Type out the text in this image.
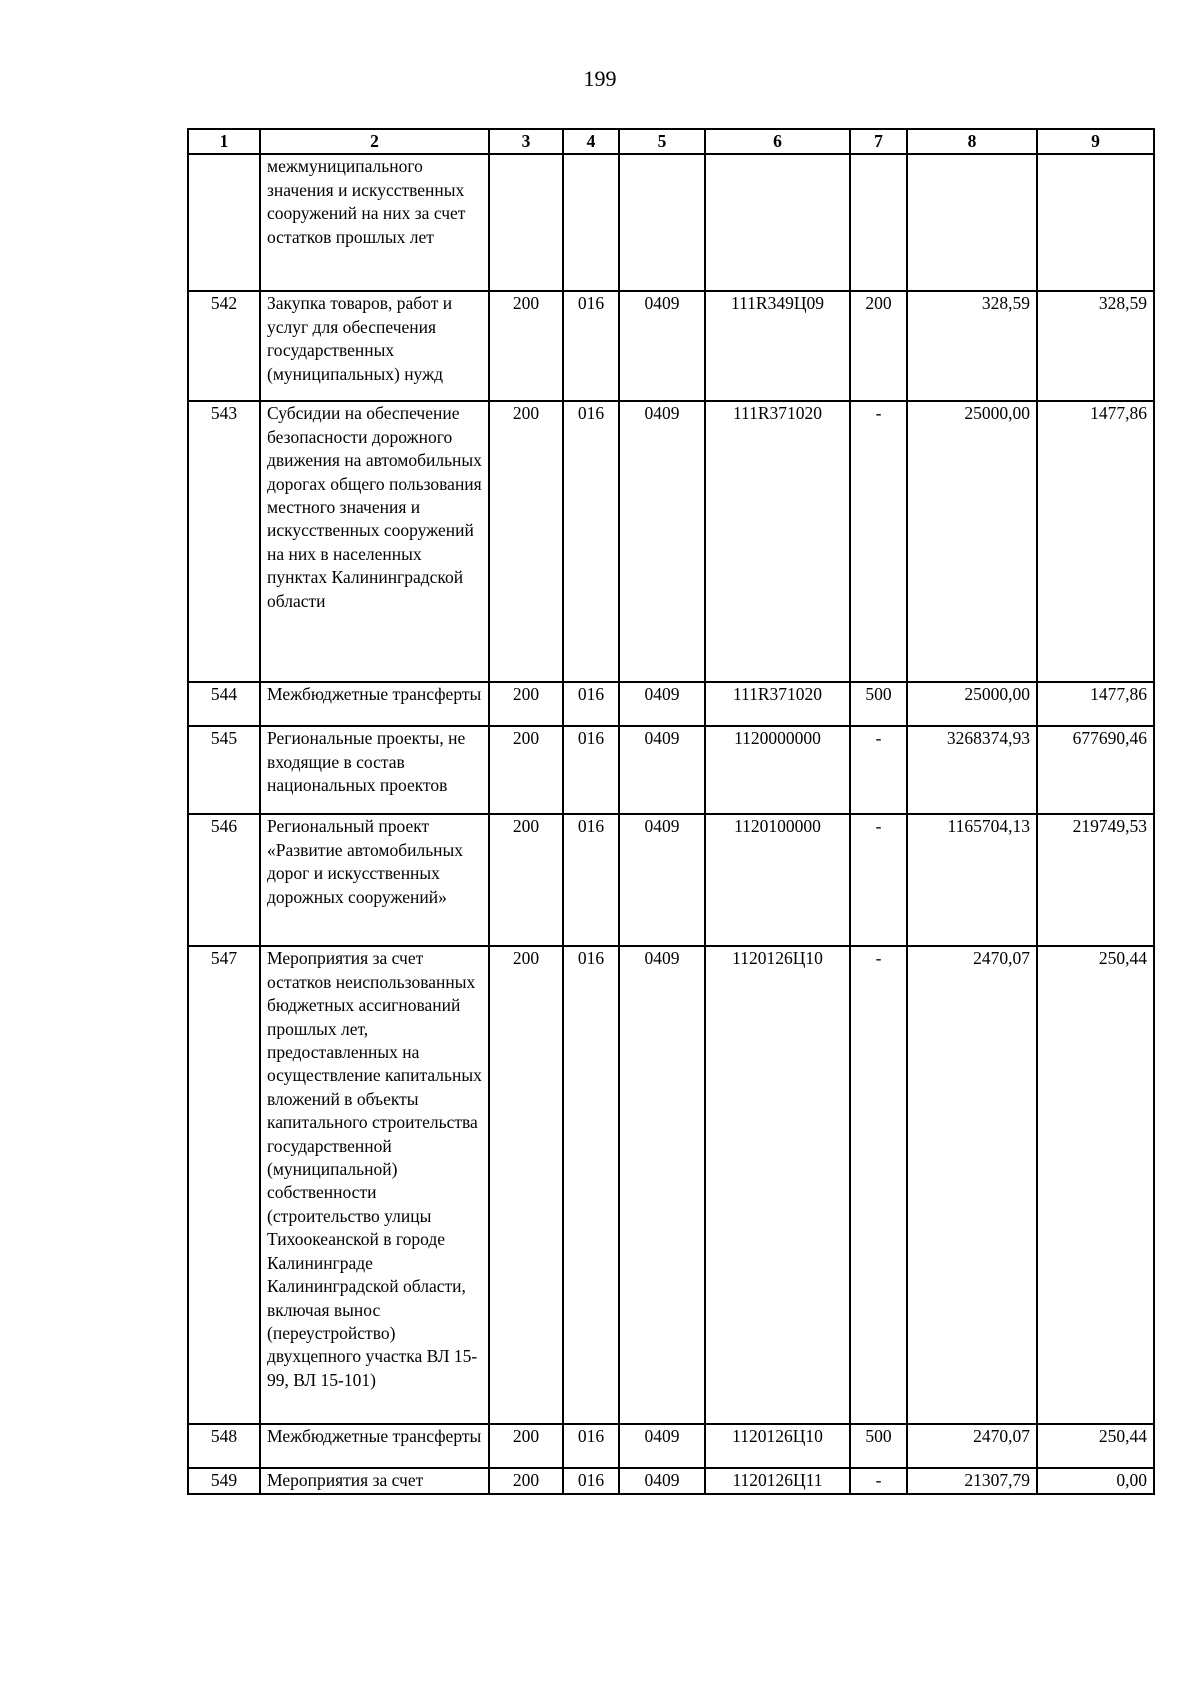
199
1	2	3	4	5	6	7	8	9
	межмуниципального значения и искусственных сооружений на них за счет остатков прошлых лет							
542	Закупка товаров, работ и услуг для обеспечения государственных (муниципальных) нужд	200	016	0409	111R349Ц09	200	328,59	328,59
543	Субсидии на обеспечение безопасности дорожного движения на автомобильных дорогах общего пользования местного значения и искусственных сооружений на них в населенных пунктах Калининградской области	200	016	0409	111R371020	-	25000,00	1477,86
544	Межбюджетные трансферты	200	016	0409	111R371020	500	25000,00	1477,86
545	Региональные проекты, не входящие в состав национальных проектов	200	016	0409	1120000000	-	3268374,93	677690,46
546	Региональный проект «Развитие автомобильных дорог и искусственных дорожных сооружений»	200	016	0409	1120100000	-	1165704,13	219749,53
547	Мероприятия за счет остатков неиспользованных бюджетных ассигнований прошлых лет, предоставленных на осуществление капитальных вложений в объекты капитального строительства государственной (муниципальной) собственности (строительство улицы Тихоокеанской в городе Калининграде Калининградской области, включая вынос (переустройство) двухцепного участка ВЛ 15-99, ВЛ 15-101)	200	016	0409	1120126Ц10	-	2470,07	250,44
548	Межбюджетные трансферты	200	016	0409	1120126Ц10	500	2470,07	250,44
549	Мероприятия за счет	200	016	0409	1120126Ц11	-	21307,79	0,00
